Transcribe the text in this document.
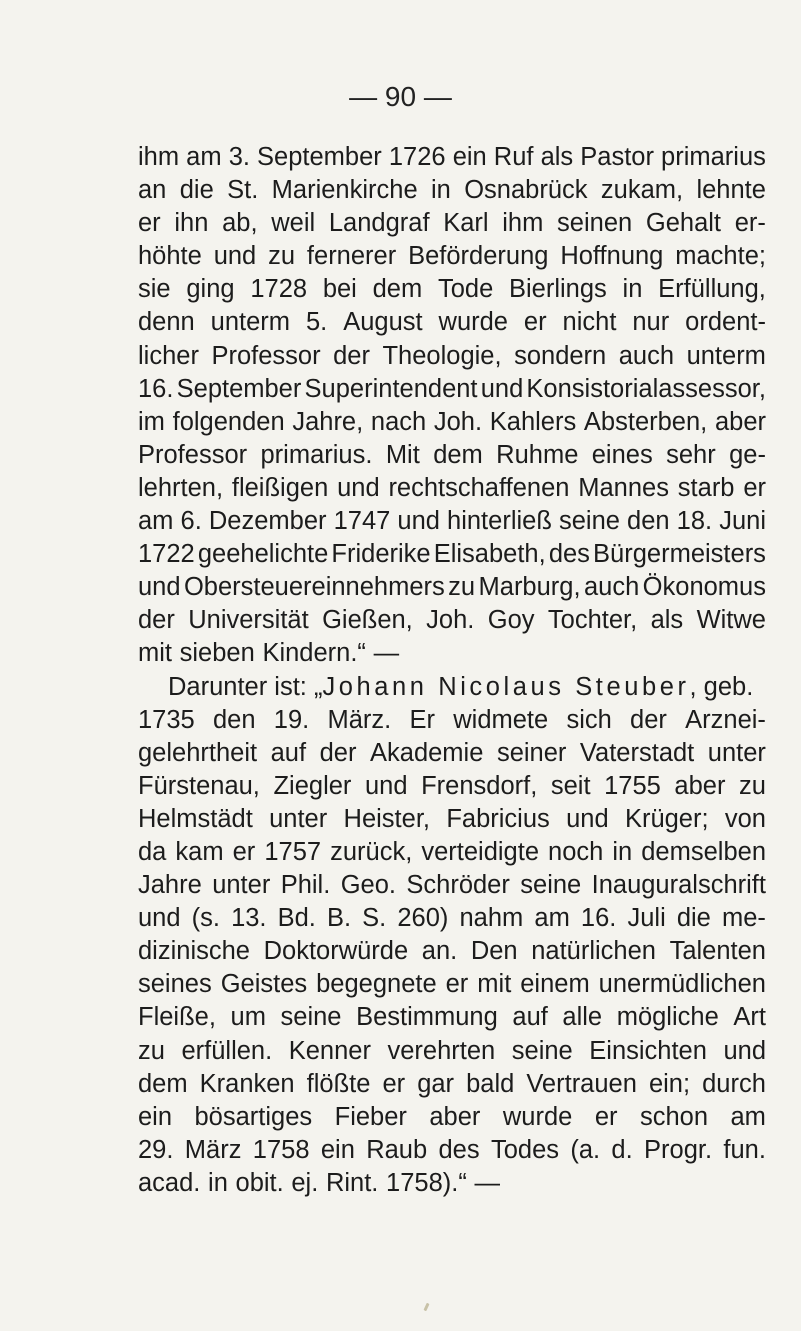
— 90 —
ihm am 3. September 1726 ein Ruf als Pastor primarius
an die St. Marienkirche in Osnabrück zukam, lehnte
er ihn ab, weil Landgraf Karl ihm seinen Gehalt er-
höhte und zu fernerer Beförderung Hoffnung machte;
sie ging 1728 bei dem Tode Bierlings in Erfüllung,
denn unterm 5. August wurde er nicht nur ordent-
licher Professor der Theologie, sondern auch unterm
16. September Superintendent und Konsistorialassessor,
im folgenden Jahre, nach Joh. Kahlers Absterben, aber
Professor primarius. Mit dem Ruhme eines sehr ge-
lehrten, fleißigen und rechtschaffenen Mannes starb er
am 6. Dezember 1747 und hinterließ seine den 18. Juni
1722 geehelichte Friderike Elisabeth, des Bürgermeisters
und Obersteuereinnehmers zu Marburg, auch Ökonomus
der Universität Gießen, Joh. Goy Tochter, als Witwe
mit sieben Kindern.“ —
Darunter ist: „Johann Nicolaus Steuber, geb.
1735 den 19. März. Er widmete sich der Arznei-
gelehrtheit auf der Akademie seiner Vaterstadt unter
Fürstenau, Ziegler und Frensdorf, seit 1755 aber zu
Helmstädt unter Heister, Fabricius und Krüger; von
da kam er 1757 zurück, verteidigte noch in demselben
Jahre unter Phil. Geo. Schröder seine Inauguralschrift
und (s. 13. Bd. B. S. 260) nahm am 16. Juli die me-
dizinische Doktorwürde an. Den natürlichen Talenten
seines Geistes begegnete er mit einem unermüdlichen
Fleiße, um seine Bestimmung auf alle mögliche Art
zu erfüllen. Kenner verehrten seine Einsichten und
dem Kranken flößte er gar bald Vertrauen ein; durch
ein bösartiges Fieber aber wurde er schon am
29. März 1758 ein Raub des Todes (a. d. Progr. fun.
acad. in obit. ej. Rint. 1758).“ —
